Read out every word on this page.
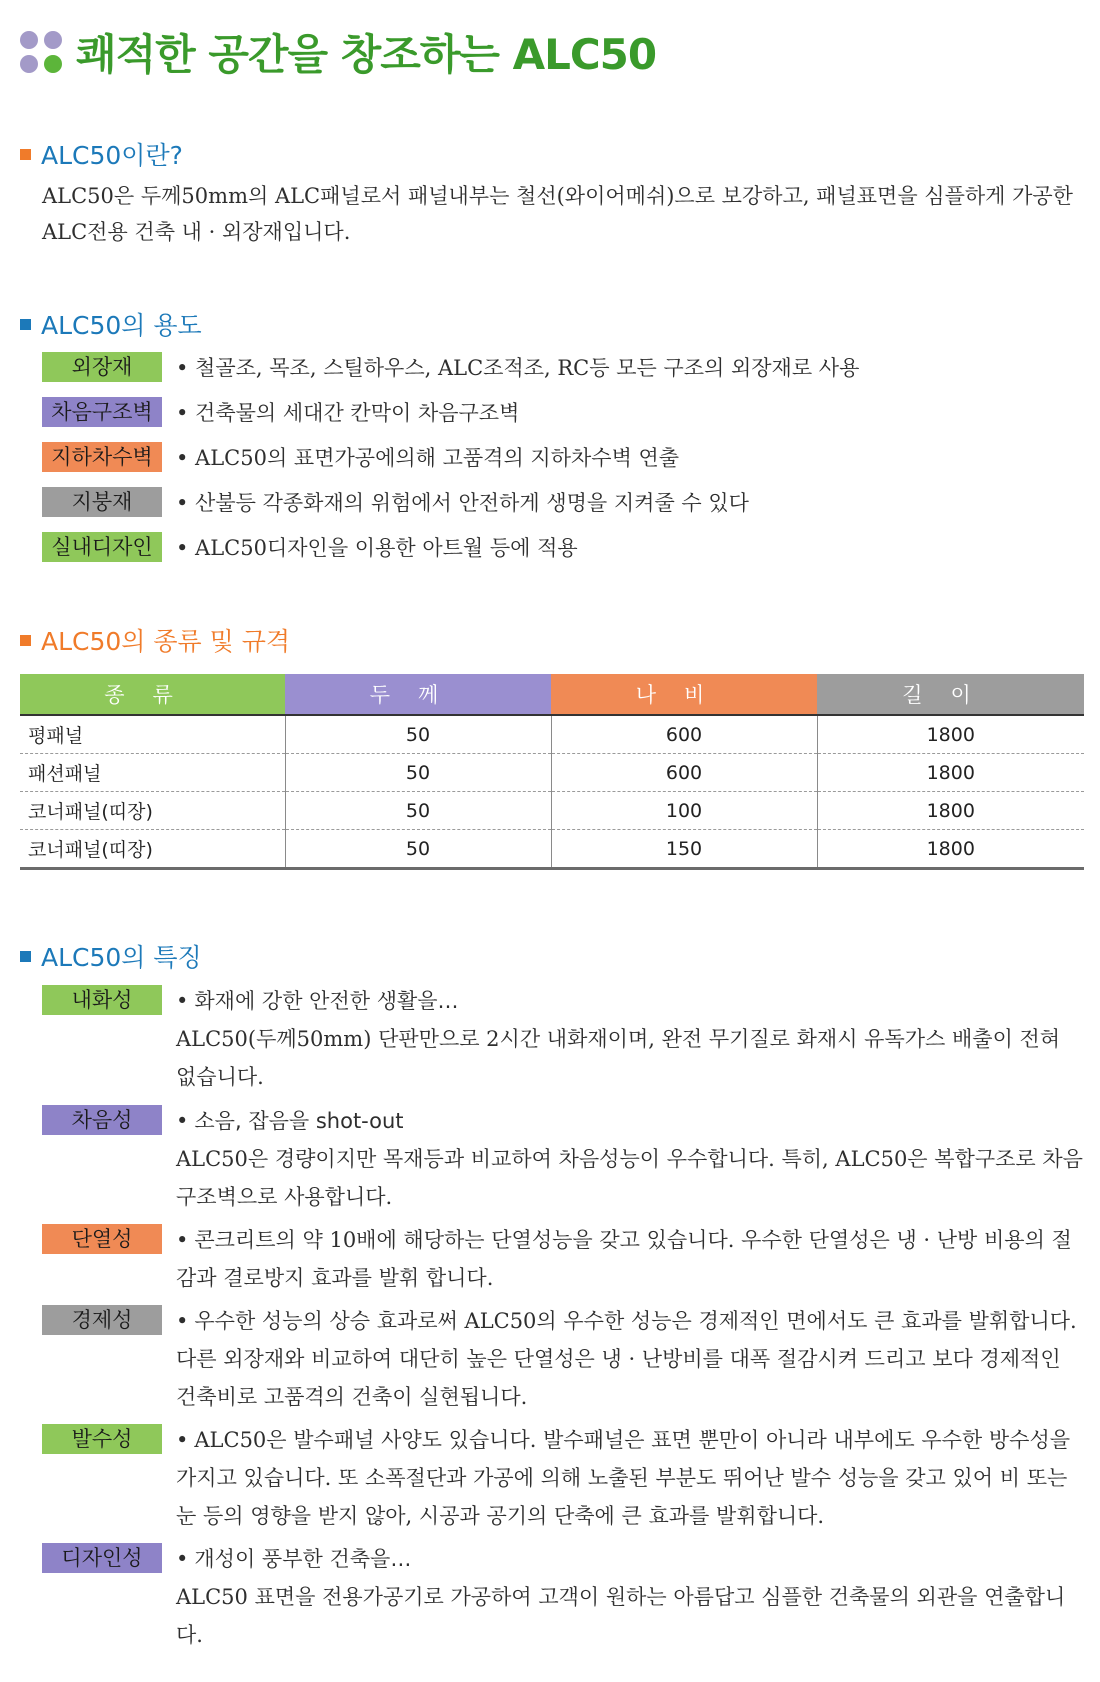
쾌적한 공간을 창조하는 ALC50
ALC50이란?
ALC50은 두께50mm의 ALC패널로서 패널내부는 철선(와이어메쉬)으로 보강하고, 패널표면을 심플하게 가공한 ALC전용 건축 내 · 외장재입니다.
ALC50의 용도
외장재	• 철골조, 목조, 스틸하우스, ALC조적조, RC등 모든 구조의 외장재로 사용
차음구조벽	• 건축물의 세대간 칸막이 차음구조벽
지하차수벽	• ALC50의 표면가공에의해 고품격의 지하차수벽 연출
지붕재	• 산불등 각종화재의 위험에서 안전하게 생명을 지켜줄 수 있다
실내디자인	• ALC50디자인을 이용한 아트월 등에 적용
ALC50의 종류 및 규격
종류	두께	나비	길이
평패널	50	600	1800
패션패널	50	600	1800
코너패널(띠장)	50	100	1800
코너패널(띠장)	50	150	1800
ALC50의 특징
내화성	• 화재에 강한 안전한 생활을…
ALC50(두께50mm) 단판만으로 2시간 내화재이며, 완전 무기질로 화재시 유독가스 배출이 전혀 없습니다.
차음성	• 소음, 잡음을 shot-out
ALC50은 경량이지만 목재등과 비교하여 차음성능이 우수합니다. 특히, ALC50은 복합구조로 차음구조벽으로 사용합니다.
단열성	• 콘크리트의 약 10배에 해당하는 단열성능을 갖고 있습니다. 우수한 단열성은 냉 · 난방 비용의 절감과 결로방지 효과를 발휘 합니다.
경제성	• 우수한 성능의 상승 효과로써 ALC50의 우수한 성능은 경제적인 면에서도 큰 효과를 발휘합니다. 다른 외장재와 비교하여 대단히 높은 단열성은 냉 · 난방비를 대폭 절감시켜 드리고 보다 경제적인 건축비로 고품격의 건축이 실현됩니다.
발수성	• ALC50은 발수패널 사양도 있습니다. 발수패널은 표면 뿐만이 아니라 내부에도 우수한 방수성을 가지고 있습니다. 또 소폭절단과 가공에 의해 노출된 부분도 뛰어난 발수 성능을 갖고 있어 비 또는 눈 등의 영향을 받지 않아, 시공과 공기의 단축에 큰 효과를 발휘합니다.
디자인성	• 개성이 풍부한 건축을…
ALC50 표면을 전용가공기로 가공하여 고객이 원하는 아름답고 심플한 건축물의 외관을 연출합니다.
